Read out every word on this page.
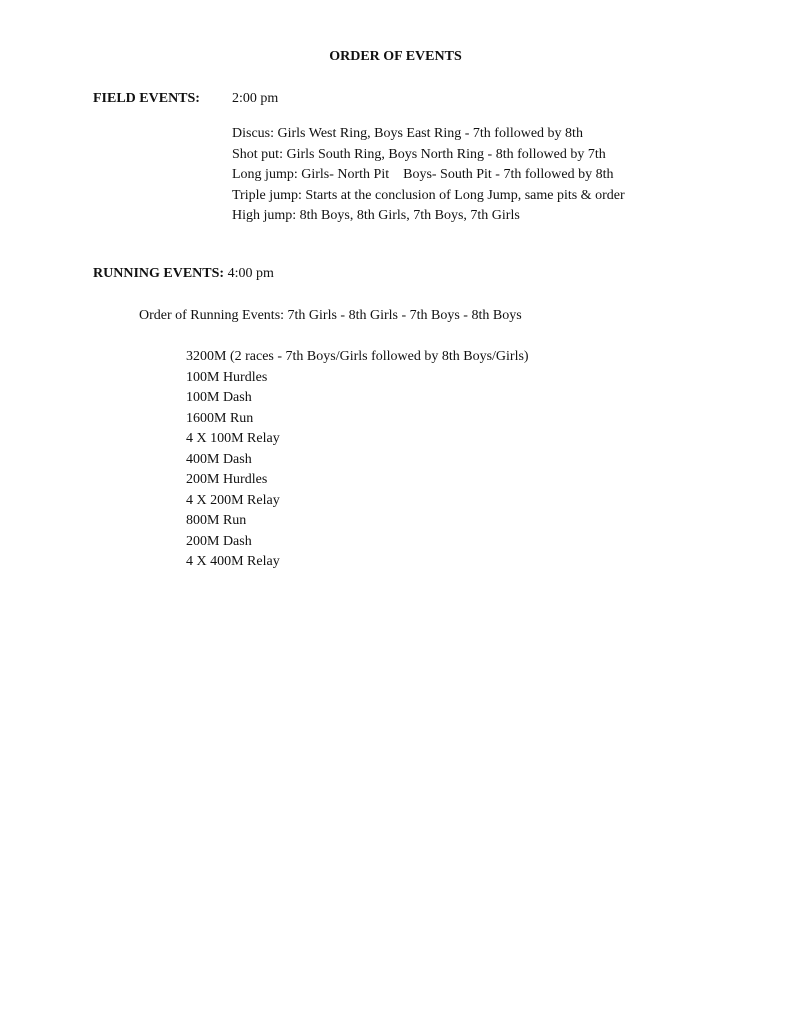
ORDER OF EVENTS
FIELD EVENTS: 2:00 pm
Discus: Girls West Ring, Boys East Ring - 7th followed by 8th
Shot put: Girls South Ring, Boys North Ring - 8th followed by 7th
Long jump: Girls- North Pit    Boys- South Pit - 7th followed by 8th
Triple jump: Starts at the conclusion of Long Jump, same pits & order
High jump: 8th Boys, 8th Girls, 7th Boys, 7th Girls
RUNNING EVENTS: 4:00 pm
Order of Running Events: 7th Girls - 8th Girls - 7th Boys - 8th Boys
3200M (2 races - 7th Boys/Girls followed by 8th Boys/Girls)
100M Hurdles
100M Dash
1600M Run
4 X 100M Relay
400M Dash
200M Hurdles
4 X 200M Relay
800M Run
200M Dash
4 X 400M Relay
